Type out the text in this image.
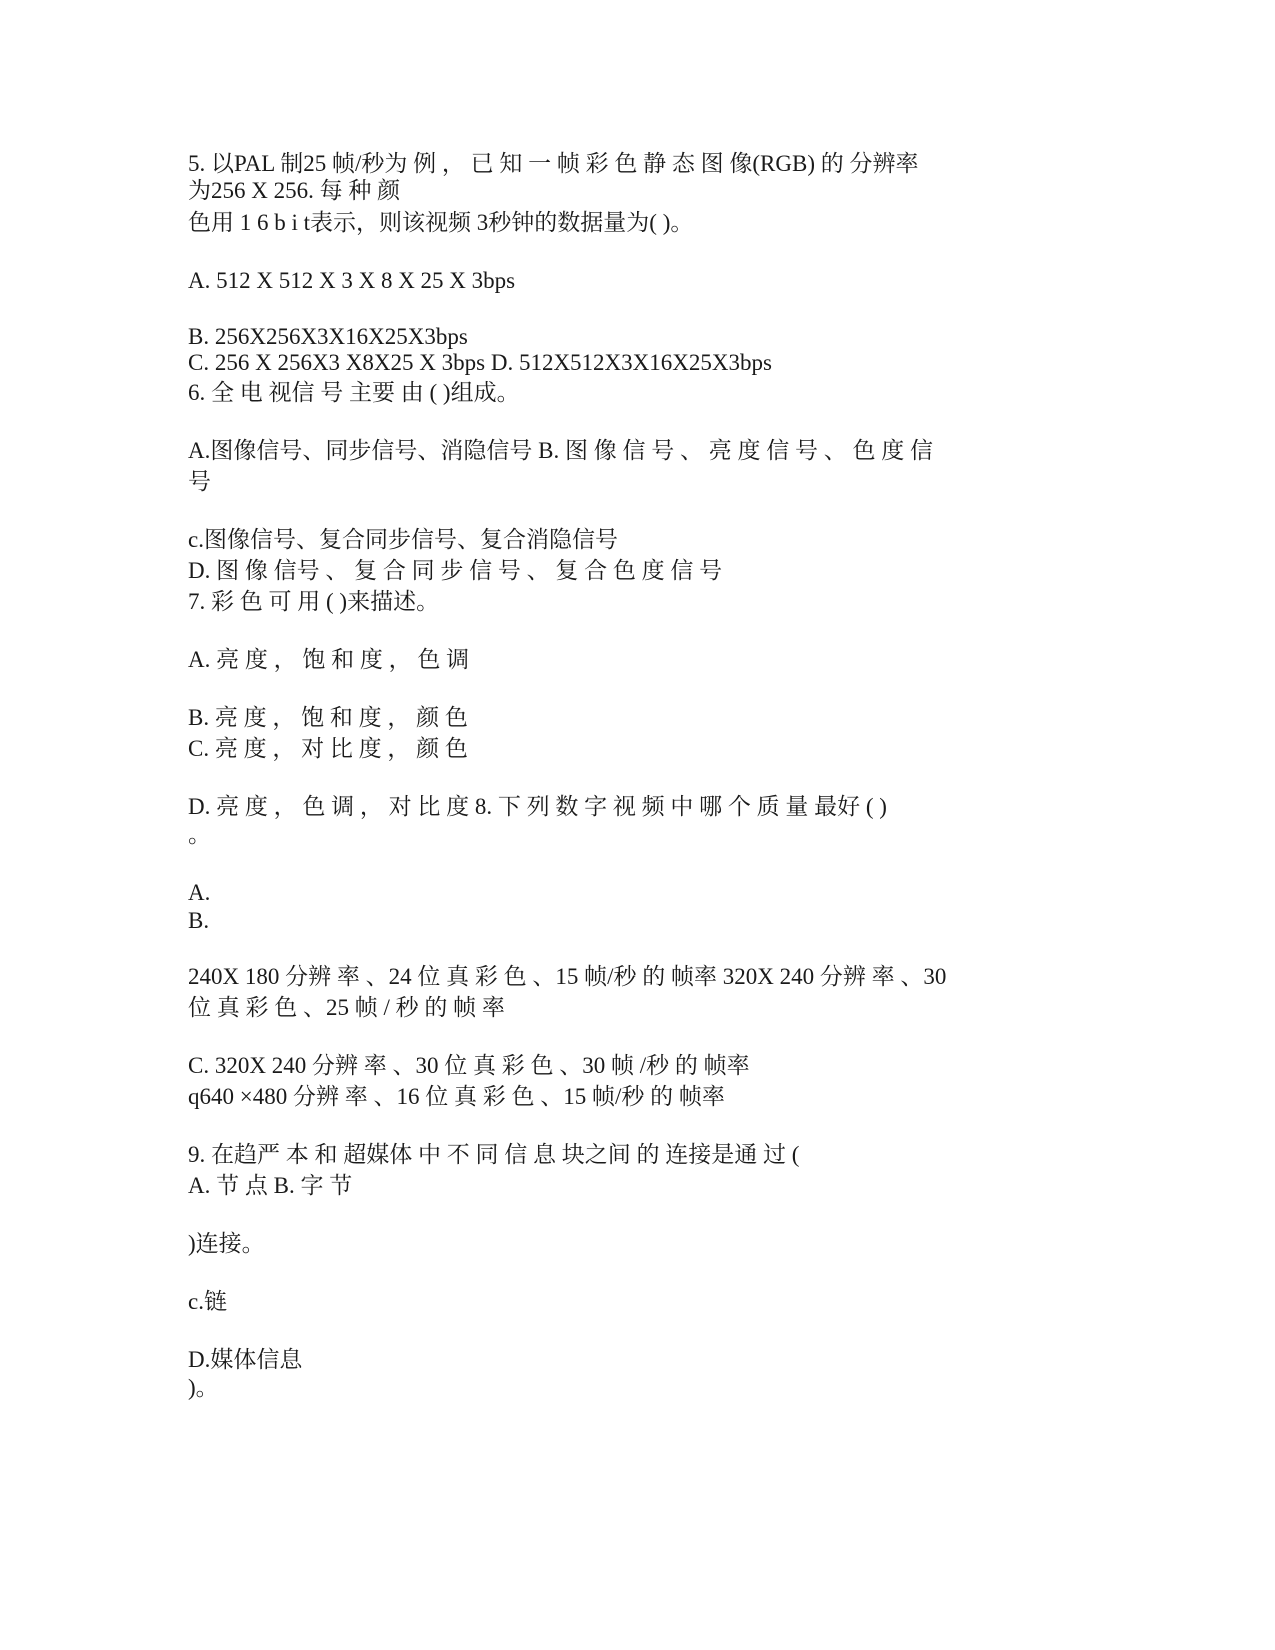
5. 以PAL 制25 帧/秒为 例 ， 已 知 一 帧 彩 色 静 态 图 像(RGB) 的 分辨率

为256 X 256. 每 种 颜

色用 1 6 b i t表示，则该视频 3秒钟的数据量为( )。

A. 512 X 512 X 3 X 8 X 25 X 3bps

B. 256X256X3X16X25X3bps

C. 256 X 256X3 X8X25 X 3bps D. 512X512X3X16X25X3bps

6. 全 电 视信 号 主要 由 ( )组成。

A.图像信号、同步信号、消隐信号 B. 图 像 信 号 、 亮 度 信 号 、 色 度 信

号

c.图像信号、复合同步信号、复合消隐信号

D. 图 像 信号 、 复 合 同 步 信 号 、 复 合 色 度 信 号

7. 彩 色 可 用 ( )来描述。

A. 亮 度 ， 饱 和 度 ， 色 调

B. 亮 度 ， 饱 和 度 ， 颜 色

C. 亮 度 ， 对 比 度 ， 颜 色

D. 亮 度 ， 色 调 ， 对 比 度 8. 下 列 数 字 视 频 中 哪 个 质 量 最好 ( )

。

A.

B.

240X 180 分辨 率 、24 位 真 彩 色 、15 帧/秒 的 帧率 320X 240 分辨 率 、30

位 真 彩 色 、25 帧 / 秒 的 帧 率

C. 320X 240 分辨 率 、30 位 真 彩 色 、30 帧 /秒 的 帧率

q640 ×480 分辨 率 、16 位 真 彩 色 、15 帧/秒 的 帧率

9. 在趋严 本 和 超媒体 中 不 同 信 息 块之间 的 连接是通 过 (

A. 节 点 B. 字 节

)连接。

c.链

D.媒体信息

)。
